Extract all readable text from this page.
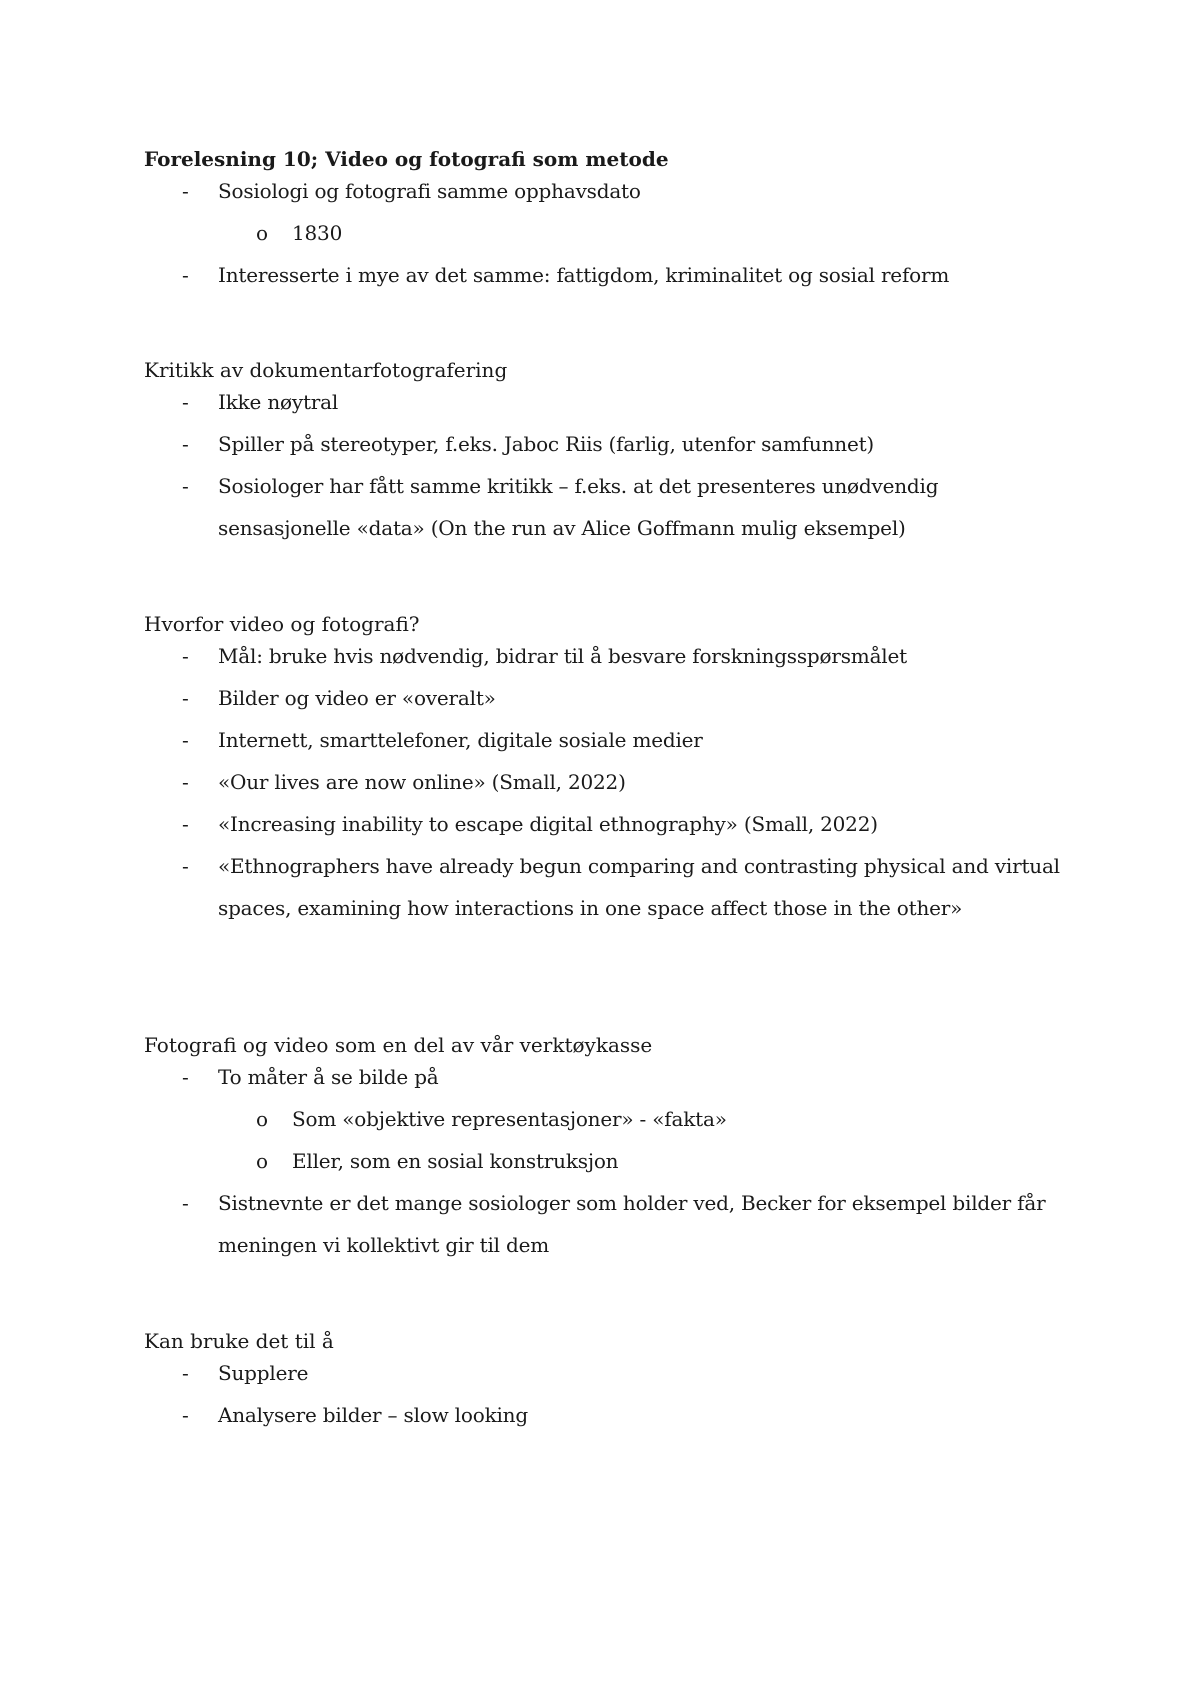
Forelesning 10; Video og fotografi som metode

- Sosiologi og fotografi samme opphavsdato
o 1830
- Interesserte i mye av det samme: fattigdom, kriminalitet og sosial reform

Kritikk av dokumentarfotografering

- Ikke nøytral
- Spiller på stereotyper, f.eks. Jaboc Riis (farlig, utenfor samfunnet)
- Sosiologer har fått samme kritikk – f.eks. at det presenteres unødvendig sensasjonelle «data» (On the run av Alice Goffmann mulig eksempel)

Hvorfor video og fotografi?

- Mål: bruke hvis nødvendig, bidrar til å besvare forskningsspørsmålet
- Bilder og video er «overalt»
- Internett, smarttelefoner, digitale sosiale medier
- «Our lives are now online» (Small, 2022)
- «Increasing inability to escape digital ethnography» (Small, 2022)
- «Ethnographers have already begun comparing and contrasting physical and virtual spaces, examining how interactions in one space affect those in the other»

Fotografi og video som en del av vår verktøykasse

- To måter å se bilde på
o Som «objektive representasjoner» - «fakta»
o Eller, som en sosial konstruksjon
- Sistnevnte er det mange sosiologer som holder ved, Becker for eksempel bilder får meningen vi kollektivt gir til dem

Kan bruke det til å

- Supplere
- Analysere bilder – slow looking
